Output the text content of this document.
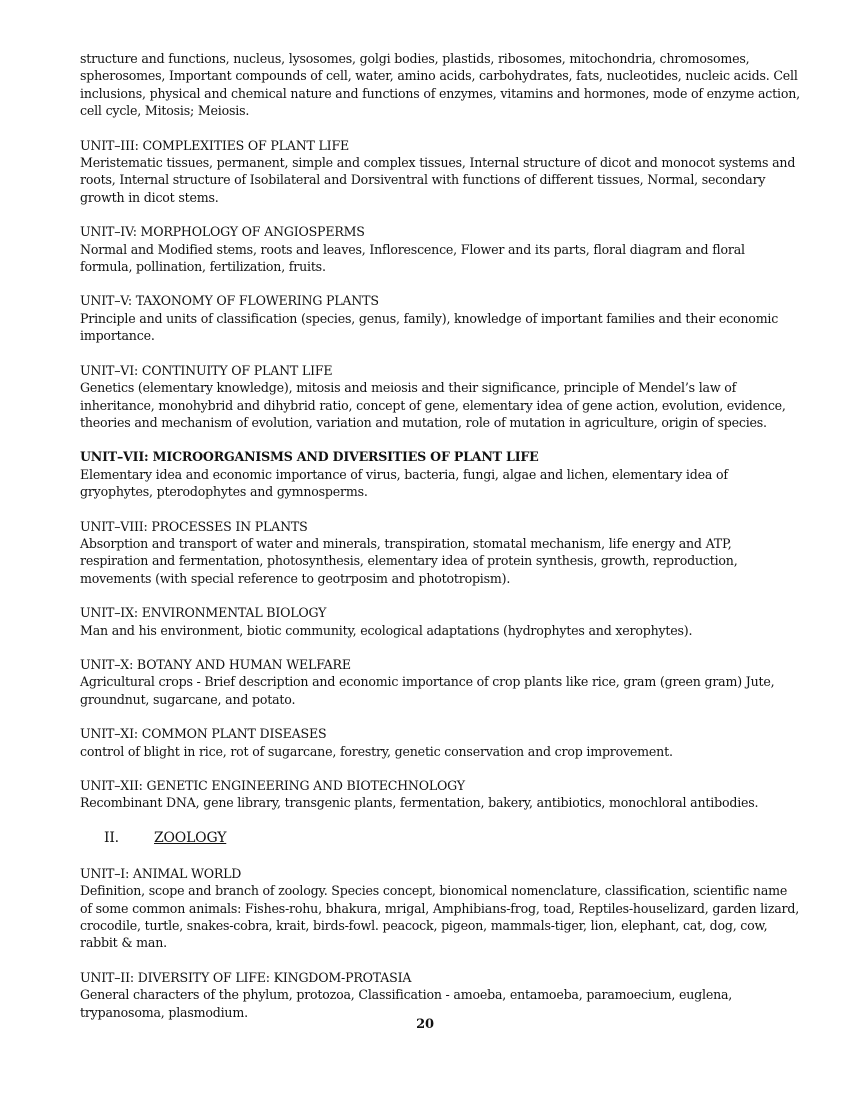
structure and functions, nucleus, lysosomes, golgi bodies, plastids, ribosomes, mitochondria, chromosomes, spherosomes, Important compounds of cell, water, amino acids, carbohydrates, fats, nucleotides, nucleic acids. Cell inclusions, physical and chemical nature and functions of enzymes, vitamins and hormones, mode of enzyme action, cell cycle, Mitosis; Meiosis.
UNIT–III: COMPLEXITIES OF PLANT LIFE
Meristematic tissues, permanent, simple and complex tissues, Internal structure of dicot and monocot systems and roots, Internal structure of Isobilateral and Dorsiventral with functions of different tissues, Normal, secondary growth in dicot stems.
UNIT–IV: MORPHOLOGY OF ANGIOSPERMS
Normal and Modified stems, roots and leaves, Inflorescence, Flower and its parts, floral diagram and floral formula, pollination, fertilization, fruits.
UNIT–V: TAXONOMY OF FLOWERING PLANTS
Principle and units of classification (species, genus, family), knowledge of important families and their economic importance.
UNIT–VI: CONTINUITY OF PLANT LIFE
Genetics (elementary knowledge), mitosis and meiosis and their significance, principle of Mendel’s law of inheritance, monohybrid and dihybrid ratio, concept of gene, elementary idea of gene action, evolution, evidence, theories and mechanism of evolution, variation and mutation, role of mutation in agriculture, origin of species.
UNIT–VII: MICROORGANISMS AND DIVERSITIES OF PLANT LIFE
Elementary idea and economic importance of virus, bacteria, fungi, algae and lichen, elementary idea of gryophytes, pterodophytes and gymnosperms.
UNIT–VIII: PROCESSES IN PLANTS
Absorption and transport of water and minerals, transpiration, stomatal mechanism, life energy and ATP, respiration and fermentation, photosynthesis, elementary idea of protein synthesis, growth, reproduction, movements (with special reference to geotrposim and phototropism).
UNIT–IX: ENVIRONMENTAL BIOLOGY
Man and his environment, biotic community, ecological adaptations (hydrophytes and xerophytes).
UNIT–X: BOTANY AND HUMAN WELFARE
Agricultural crops - Brief description and economic importance of crop plants like rice, gram (green gram) Jute, groundnut, sugarcane, and potato.
UNIT–XI: COMMON PLANT DISEASES
control of blight in rice, rot of sugarcane, forestry, genetic conservation and crop improvement.
UNIT–XII: GENETIC ENGINEERING AND BIOTECHNOLOGY
Recombinant DNA, gene library, transgenic plants, fermentation, bakery, antibiotics, monochloral antibodies.
II.	ZOOLOGY
UNIT–I: ANIMAL WORLD
Definition, scope and branch of zoology. Species concept, bionomical nomenclature, classification, scientific name of some common animals: Fishes-rohu, bhakura, mrigal, Amphibians-frog, toad, Reptiles-houselizard, garden lizard, crocodile, turtle, snakes-cobra, krait, birds-fowl. peacock, pigeon, mammals-tiger, lion, elephant, cat, dog, cow, rabbit & man.
UNIT–II: DIVERSITY OF LIFE: KINGDOM-PROTASIA
General characters of the phylum, protozoa, Classification - amoeba, entamoeba, paramoecium, euglena, trypanosoma, plasmodium.
20
